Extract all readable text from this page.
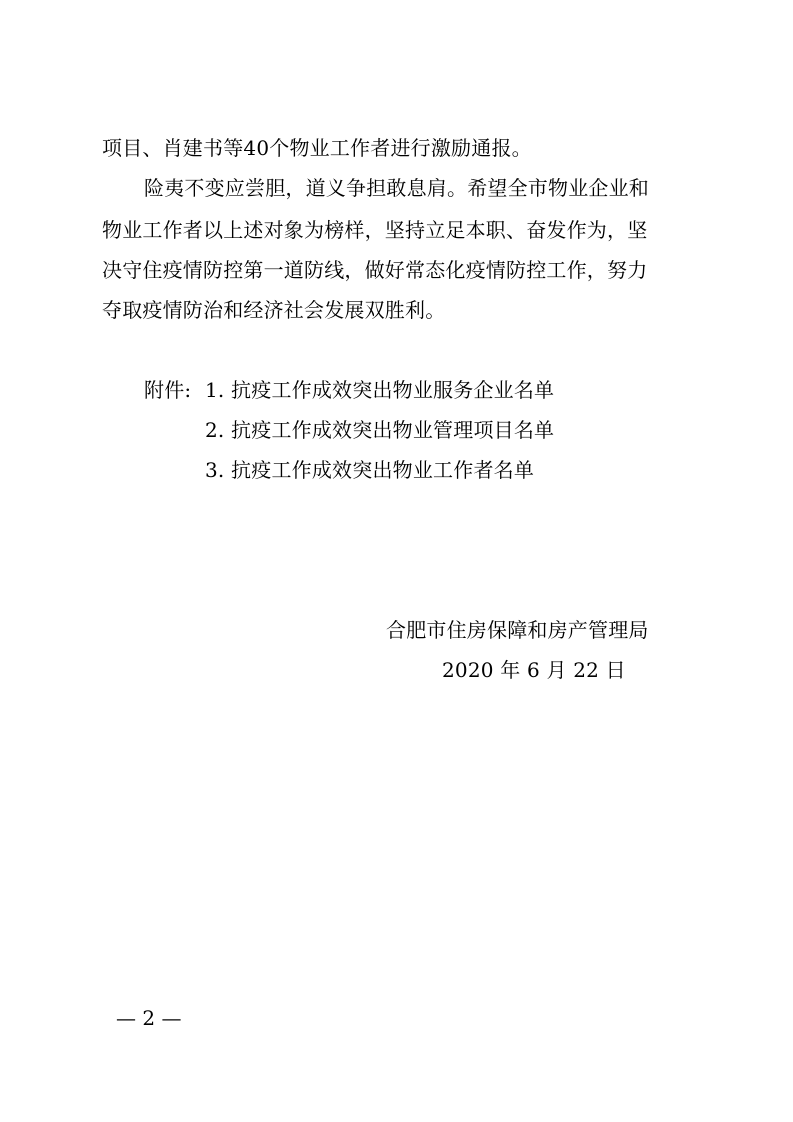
项目、肖建书等40个物业工作者进行激励通报。
险夷不变应尝胆，道义争担敢息肩。希望全市物业企业和
物业工作者以上述对象为榜样，坚持立足本职、奋发作为，坚
决守住疫情防控第一道防线，做好常态化疫情防控工作，努力
夺取疫情防治和经济社会发展双胜利。
附件: 1. 抗疫工作成效突出物业服务企业名单
2. 抗疫工作成效突出物业管理项目名单
3. 抗疫工作成效突出物业工作者名单
合肥市住房保障和房产管理局
2020 年 6 月 22 日
— 2 —
